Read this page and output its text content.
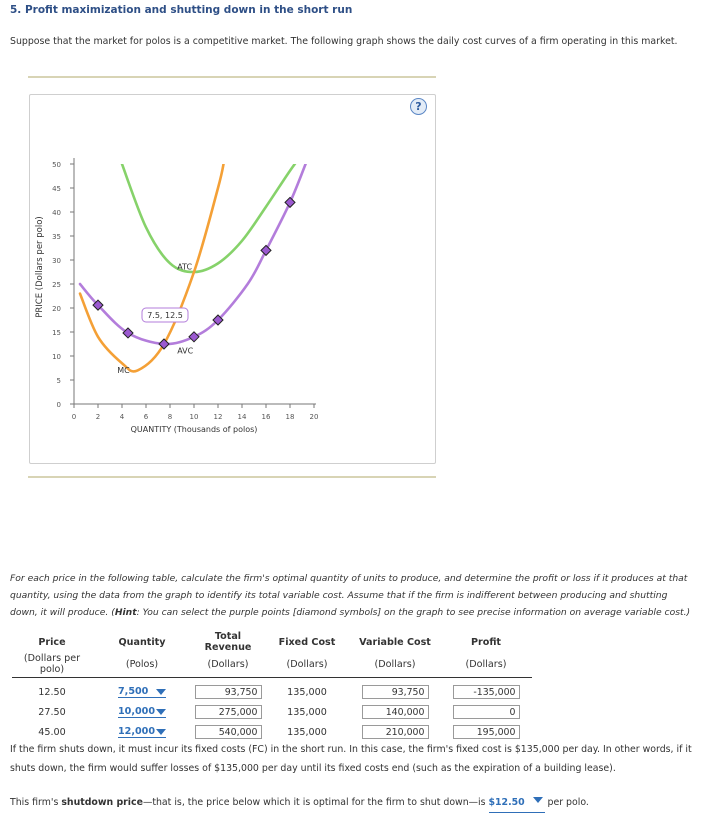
5. Profit maximization and shutting down in the short run
Suppose that the market for polos is a competitive market. The following graph shows the daily cost curves of a firm operating in this market.
?
PRICE (Dollars per polo)
0
5
10
15
20
25
30
35
40
45
50
0	2	4	6	8 10 12 14 16 18 20
QUANTITY (Thousands of polos)
7.5, 12.5
ATC
AVC
MC
For each price in the following table, calculate the firm's optimal quantity of units to produce, and determine the profit or loss if it produces at that quantity, using the data from the graph to identify its total variable cost. Assume that if the firm is indifferent between producing and shutting down, it will produce. (Hint: You can select the purple points [diamond symbols] on the graph to see precise information on average variable cost.)
Price	Quantity	Total Revenue	Fixed Cost	Variable Cost	Profit
(Dollars per polo)	(Polos)	(Dollars)	(Dollars)	(Dollars)	(Dollars)
12.50	7,500	93,750	135,000	93,750	-135,000
27.50	10,000	275,000	135,000	140,000	0
45.00	12,000	540,000	135,000	210,000	195,000
If the firm shuts down, it must incur its fixed costs (FC) in the short run. In this case, the firm's fixed cost is $135,000 per day. In other words, if it shuts down, the firm would suffer losses of $135,000 per day until its fixed costs end (such as the expiration of a building lease).
This firm's shutdown price—that is, the price below which it is optimal for the firm to shut down—is $12.50
per polo.
